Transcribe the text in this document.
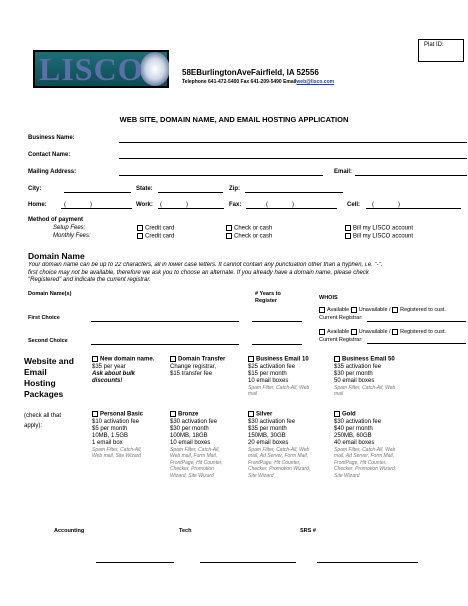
Plat ID:
LISCO	58EBurlingtonAveFairfield, IA 52556
Telephone 641-472-5400 Fax 641-209-5490 Emailweb@lisco.com
WEB SITE, DOMAIN NAME, AND EMAIL HOSTING APPLICATION
Business Name:
Contact Name:
Mailing Address:	Email:
City:	State:	Zip:
Home:	(	)	Work: (	)	Fax:	(	)	Cell: (	)
Method of payment
Setup Fees:	Credit card	Check or cash	Bill my LISCO account
Monthly Fees:	Credit card	Check or cash	Bill my LISCO account
Domain Name
Your domain name can be up to 22 characters, all in lower case letters. It cannot contain any punctuation other than a hyphen, i.e. "-".
first choice may not be available, therefore we ask you to choose an alternate. If you already have a domain name, please check
"Registered" and indicate the current registrar.
Domain Name(s)	# Years to
Register	WHOIS
First Choice
Available Unavailable / Registered to cust.
Current Registrar:
Second Choice
Available Unavailable / Registered to cust.
Current Registrar:
Website and
Email
Hosting
Packages
(check all that
apply):
New domain name.
$35 per year
Ask about bulk
discounts!
Domain Transfer
Change registrar,
$15 transfer fee
Business Email 10
$25 activation fee
$15 per month
10 email boxes
Spam Filter, Catch-All, Web
mail
Business Email 50
$35 activation fee
$30 per month
50 email boxes
Spam Filter, Catch-All, Web
mail
Personal Basic
$10 activation fee
$5 per month
10MB, 1.5GB
1 email box
Spam Filter, Catch-All,
Web mail, Site Wizard
Bronze
$30 activation fee
$30 per month
100MB, 18GB
10 email boxes
Spam Filter, Catch-All,
Web mail, Form Mail,
FrontPage, Hit Counter,
Checker, Promotion
Wizard, Site Wizard
Silver
$30 activation fee
$35 per month
150MB, 30GB
20 email boxes
Spam Filter, Catch-All, Web
mail, Ad Server, Form Mail,
FrontPage, Hit Counter,
Checker, Promotion Wizard,
Site Wizard
Gold
$30 activation fee
$40 per month
250MB, 60GB
40 email boxes
Spam Filter, Catch-All, Web
mail, Ad Server, Form Mail,
FrontPage, Hit Counter,
Checker, Promotion Wizard,
Site Wizard
Accounting	Tech	SRS #
